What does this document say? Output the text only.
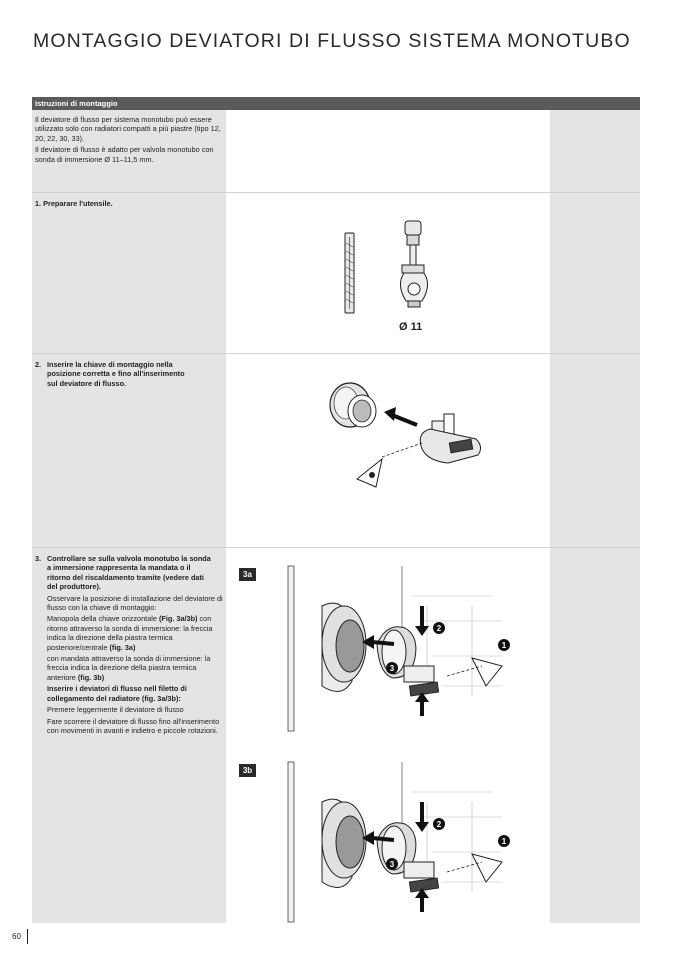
MONTAGGIO DEVIATORI DI FLUSSO SISTEMA MONOTUBO
Istruzioni di montaggio

Il deviatore di flusso per sistema monotubo può essere utilizzato solo con radiatori compatti a più piastre (tipo 12, 20, 22, 30, 33).

Il deviatore di flusso è adatto per valvola monotubo con sonda di immersione Ø 11–11,5 mm.

1. Preparare l'utensile.
Ø 11
2. Inserire la chiave di montaggio nella posizione corretta e fino all'inserimento sul deviatore di flusso.
3. Controllare se sulla valvola monotubo la sonda a immersione rappresenta la mandata o il ritorno del riscaldamento tramite (vedere dati del produttore).

Osservare la posizione di installazione del deviatore di flusso con la chiave di montaggio:

Manopola della chiave orizzontale (Fig. 3a/3b) con ritorno attraverso la sonda di immersione: la freccia indica la direzione della piastra termica posteriore/centrale (fig. 3a)

con mandata attraverso la sonda di immersione: la freccia indica la direzione della piastra termica anteriore (fig. 3b)

Inserire i deviatori di flusso nell filetto di collegamento del radiatore (fig. 3a/3b):

Premere leggermente il deviatore di flusso

Fare scorrere il deviatore di flusso fino all'inserimento con movimenti in avanti e indietro e piccole rotazioni.

3a
3b
2
3
1
2
3
1
60
